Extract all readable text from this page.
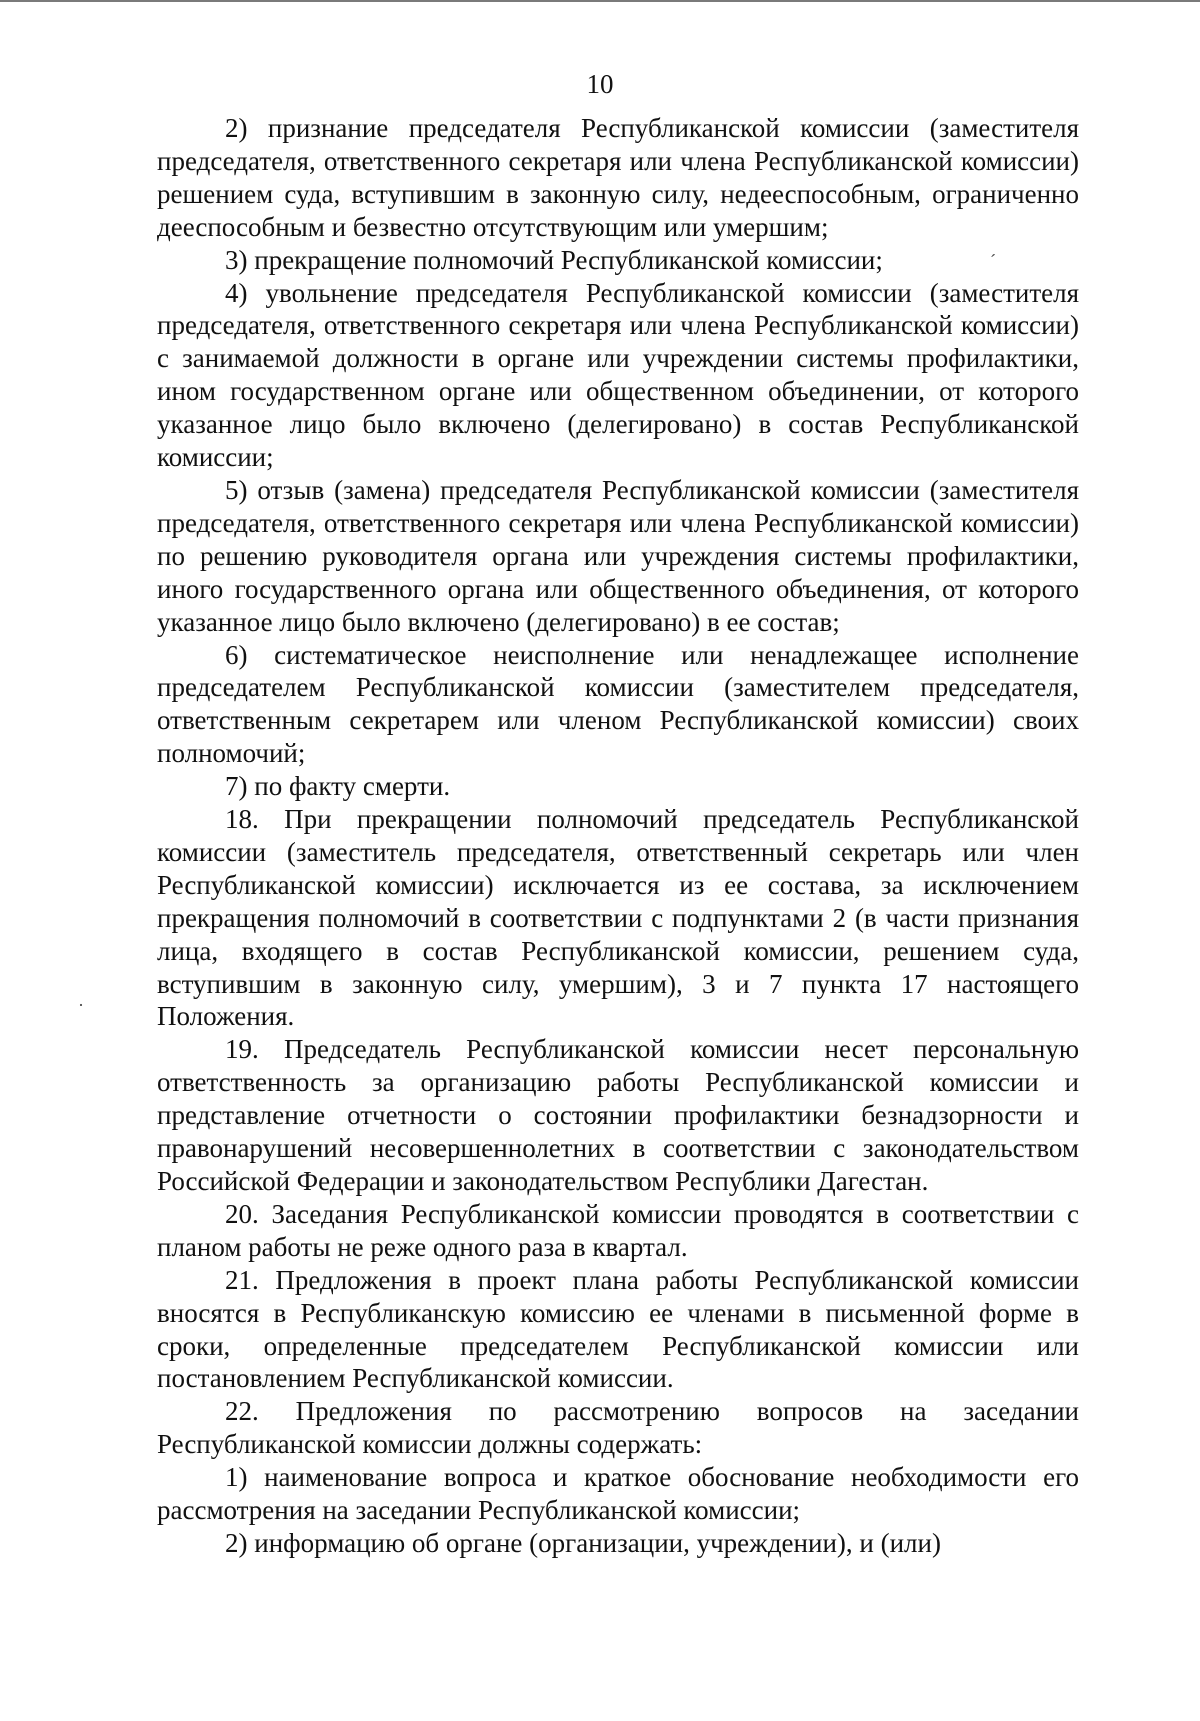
10

2) признание председателя Республиканской комиссии (заместителя председателя, ответственного секретаря или члена Республиканской комиссии) решением суда, вступившим в законную силу, недееспособным, ограниченно дееспособным и безвестно отсутствующим или умершим;

3) прекращение полномочий Республиканской комиссии;

4) увольнение председателя Республиканской комиссии (заместителя председателя, ответственного секретаря или члена Республиканской комиссии) с занимаемой должности в органе или учреждении системы профилактики, ином государственном органе или общественном объединении, от которого указанное лицо было включено (делегировано) в состав Республиканской комиссии;

5) отзыв (замена) председателя Республиканской комиссии (заместителя председателя, ответственного секретаря или члена Республиканской комиссии) по решению руководителя органа или учреждения системы профилактики, иного государственного органа или общественного объединения, от которого указанное лицо было включено (делегировано) в ее состав;

6) систематическое неисполнение или ненадлежащее исполнение председателем Республиканской комиссии (заместителем председателя, ответственным секретарем или членом Республиканской комиссии) своих полномочий;

7) по факту смерти.

18. При прекращении полномочий председатель Республиканской комиссии (заместитель председателя, ответственный секретарь или член Республиканской комиссии) исключается из ее состава, за исключением прекращения полномочий в соответствии с подпунктами 2 (в части признания лица, входящего в состав Республиканской комиссии, решением суда, вступившим в законную силу, умершим), 3 и 7 пункта 17 настоящего Положения.

19. Председатель Республиканской комиссии несет персональную ответственность за организацию работы Республиканской комиссии и представление отчетности о состоянии профилактики безнадзорности и правонарушений несовершеннолетних в соответствии с законодательством Российской Федерации и законодательством Республики Дагестан.

20. Заседания Республиканской комиссии проводятся в соответствии с планом работы не реже одного раза в квартал.

21. Предложения в проект плана работы Республиканской комиссии вносятся в Республиканскую комиссию ее членами в письменной форме в сроки, определенные председателем Республиканской комиссии или постановлением Республиканской комиссии.

22. Предложения по рассмотрению вопросов на заседании Республиканской комиссии должны содержать:

1) наименование вопроса и краткое обоснование необходимости его рассмотрения на заседании Республиканской комиссии;

2) информацию об органе (организации, учреждении), и (или)

ˊ
·
